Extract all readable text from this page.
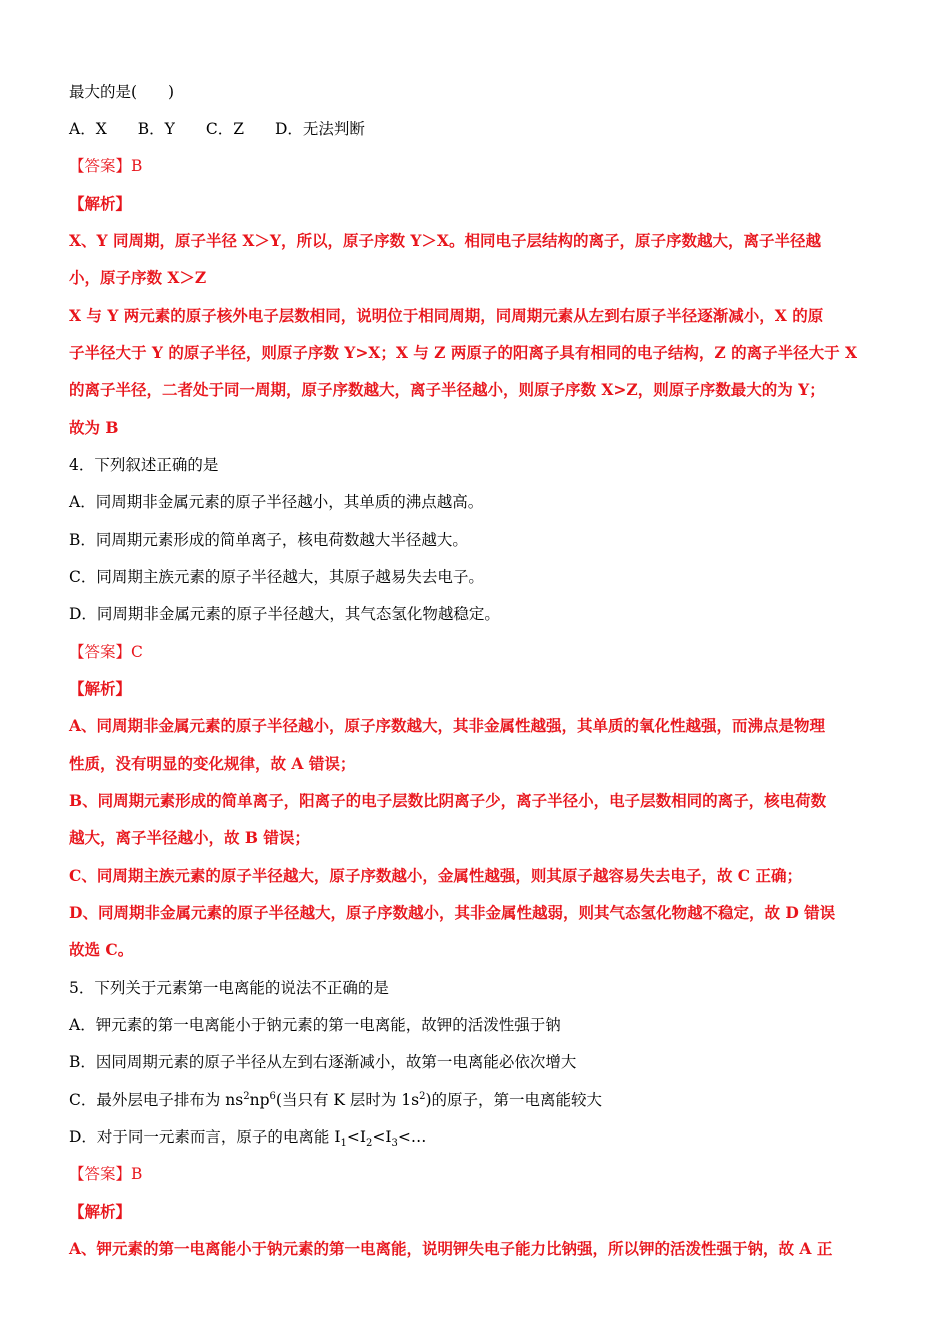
最大的是(　　)
A．X　　B．Y　　C．Z　　D．无法判断
【答案】B
【解析】
X、Y 同周期，原子半径 X＞Y，所以，原子序数 Y＞X。相同电子层结构的离子，原子序数越大，离子半径越
小，原子序数 X＞Z
X 与 Y 两元素的原子核外电子层数相同，说明位于相同周期，同周期元素从左到右原子半径逐渐减小，X 的原
子半径大于 Y 的原子半径，则原子序数 Y>X；X 与 Z 两原子的阳离子具有相同的电子结构，Z 的离子半径大于 X
的离子半径，二者处于同一周期，原子序数越大，离子半径越小，则原子序数 X>Z，则原子序数最大的为 Y；
故为 B
4．下列叙述正确的是
A．同周期非金属元素的原子半径越小，其单质的沸点越高。
B．同周期元素形成的简单离子，核电荷数越大半径越大。
C．同周期主族元素的原子半径越大，其原子越易失去电子。
D．同周期非金属元素的原子半径越大，其气态氢化物越稳定。
【答案】C
【解析】
A、同周期非金属元素的原子半径越小，原子序数越大，其非金属性越强，其单质的氧化性越强，而沸点是物理
性质，没有明显的变化规律，故 A 错误；
B、同周期元素形成的简单离子，阳离子的电子层数比阴离子少，离子半径小，电子层数相同的离子，核电荷数
越大，离子半径越小，故 B 错误；
C、同周期主族元素的原子半径越大，原子序数越小，金属性越强，则其原子越容易失去电子，故 C 正确；
D、同周期非金属元素的原子半径越大，原子序数越小，其非金属性越弱，则其气态氢化物越不稳定，故 D 错误
故选 C。
5．下列关于元素第一电离能的说法不正确的是
A．钾元素的第一电离能小于钠元素的第一电离能，故钾的活泼性强于钠
B．因同周期元素的原子半径从左到右逐渐减小，故第一电离能必依次增大
C．最外层电子排布为 $ns^2np^6$(当只有 K 层时为 $1s^2$)的原子，第一电离能较大
D．对于同一元素而言，原子的电离能 $I_1<I_2<I_3<\dots$
【答案】B
【解析】
A、钾元素的第一电离能小于钠元素的第一电离能，说明钾失电子能力比钠强，所以钾的活泼性强于钠，故 A 正
